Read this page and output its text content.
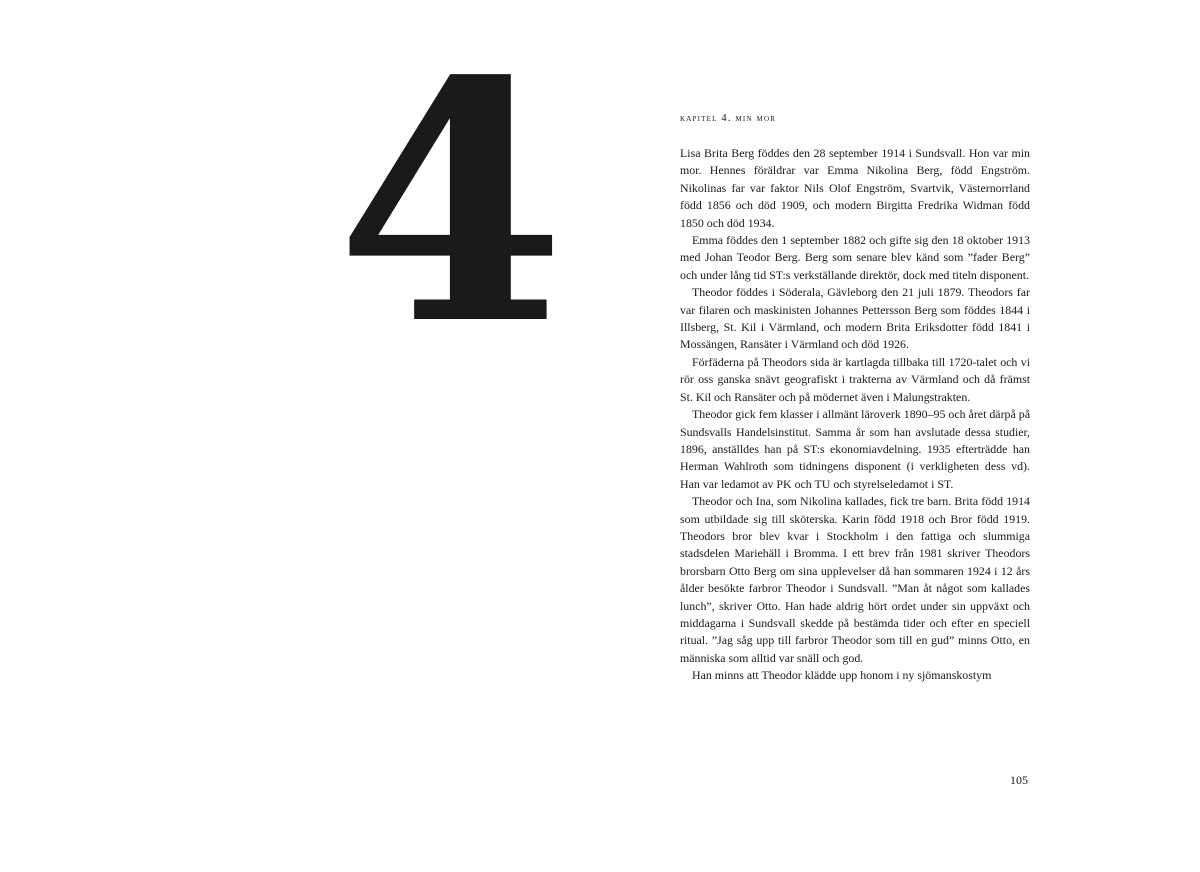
4	kapitel 4. min mor

Lisa Brita Berg föddes den 28 september 1914 i Sundsvall. Hon var min mor. Hennes föräldrar var Emma Nikolina Berg, född Engström. Nikolinas far var faktor Nils Olof Engström, Svartvik, Västernorrland född 1856 och död 1909, och modern Birgitta Fredrika Widman född 1850 och död 1934.

Emma föddes den 1 september 1882 och gifte sig den 18 oktober 1913 med Johan Teodor Berg. Berg som senare blev känd som ”fader Berg” och under lång tid ST:s verkställande direktör, dock med titeln disponent.

Theodor föddes i Söderala, Gävleborg den 21 juli 1879. Theodors far var filaren och maskinisten Johannes Pettersson Berg som föddes 1844 i Illsberg, St. Kil i Värmland, och modern Brita Eriksdotter född 1841 i Mossängen, Ransäter i Värmland och död 1926.

Förfäderna på Theodors sida är kartlagda tillbaka till 1720-talet och vi rör oss ganska snävt geografiskt i trakterna av Värmland och då främst St. Kil och Ransäter och på mödernet även i Malungstrakten.

Theodor gick fem klasser i allmänt läroverk 1890–95 och året därpå på Sundsvalls Handelsinstitut. Samma år som han avslutade dessa studier, 1896, anställdes han på ST:s ekonomiavdelning. 1935 efterträdde han Herman Wahlroth som tidningens disponent (i verkligheten dess vd). Han var ledamot av PK och TU och styrelseledamot i ST.

Theodor och Ina, som Nikolina kallades, fick tre barn. Brita född 1914 som utbildade sig till sköterska. Karin född 1918 och Bror född 1919. Theodors bror blev kvar i Stockholm i den fattiga och slummiga stadsdelen Mariehäll i Bromma. I ett brev från 1981 skriver Theodors brorsbarn Otto Berg om sina upplevelser då han sommaren 1924 i 12 års ålder besökte farbror Theodor i Sundsvall. ”Man åt något som kallades lunch”, skriver Otto. Han hade aldrig hört ordet under sin uppväxt och middagarna i Sundsvall skedde på bestämda tider och efter en speciell ritual. ”Jag såg upp till farbror Theodor som till en gud” minns Otto, en människa som alltid var snäll och god.

Han minns att Theodor klädde upp honom i ny sjömanskostym

105
